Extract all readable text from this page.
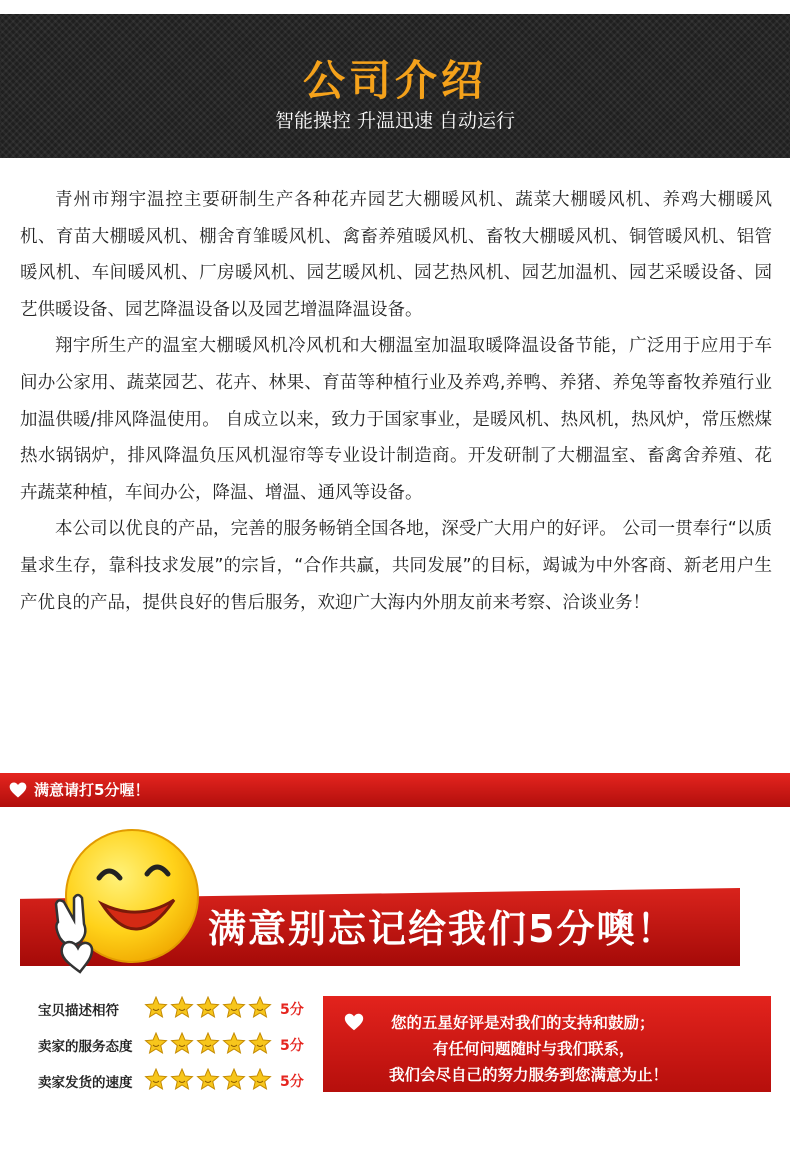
公司介绍
智能操控 升温迅速 自动运行

青州市翔宇温控主要研制生产各种花卉园艺大棚暖风机、蔬菜大棚暖风机、养鸡大棚暖风机、育苗大棚暖风机、棚舍育雏暖风机、禽畜养殖暖风机、畜牧大棚暖风机、铜管暖风机、铝管暖风机、车间暖风机、厂房暖风机、园艺暖风机、园艺热风机、园艺加温机、园艺采暖设备、园艺供暖设备、园艺降温设备以及园艺增温降温设备。

翔宇所生产的温室大棚暖风机冷风机和大棚温室加温取暖降温设备节能，广泛用于应用于车间办公家用、蔬菜园艺、花卉、林果、育苗等种植行业及养鸡,养鸭、养猪、养兔等畜牧养殖行业加温供暖/排风降温使用。 自成立以来，致力于国家事业，是暖风机、热风机，热风炉，常压燃煤热水锅锅炉，排风降温负压风机湿帘等专业设计制造商。开发研制了大棚温室、畜禽舍养殖、花卉蔬菜种植，车间办公，降温、增温、通风等设备。

本公司以优良的产品，完善的服务畅销全国各地，深受广大用户的好评。 公司一贯奉行“以质量求生存，靠科技求发展”的宗旨，“合作共赢，共同发展”的目标，竭诚为中外客商、新老用户生产优良的产品，提供良好的售后服务，欢迎广大海内外朋友前来考察、洽谈业务！

满意请打5分喔！
满意别忘记给我们5分噢！
宝贝描述相符	5分
卖家的服务态度	5分
卖家发货的速度	5分
您的五星好评是对我们的支持和鼓励；
有任何问题随时与我们联系，
我们会尽自己的努力服务到您满意为止！
